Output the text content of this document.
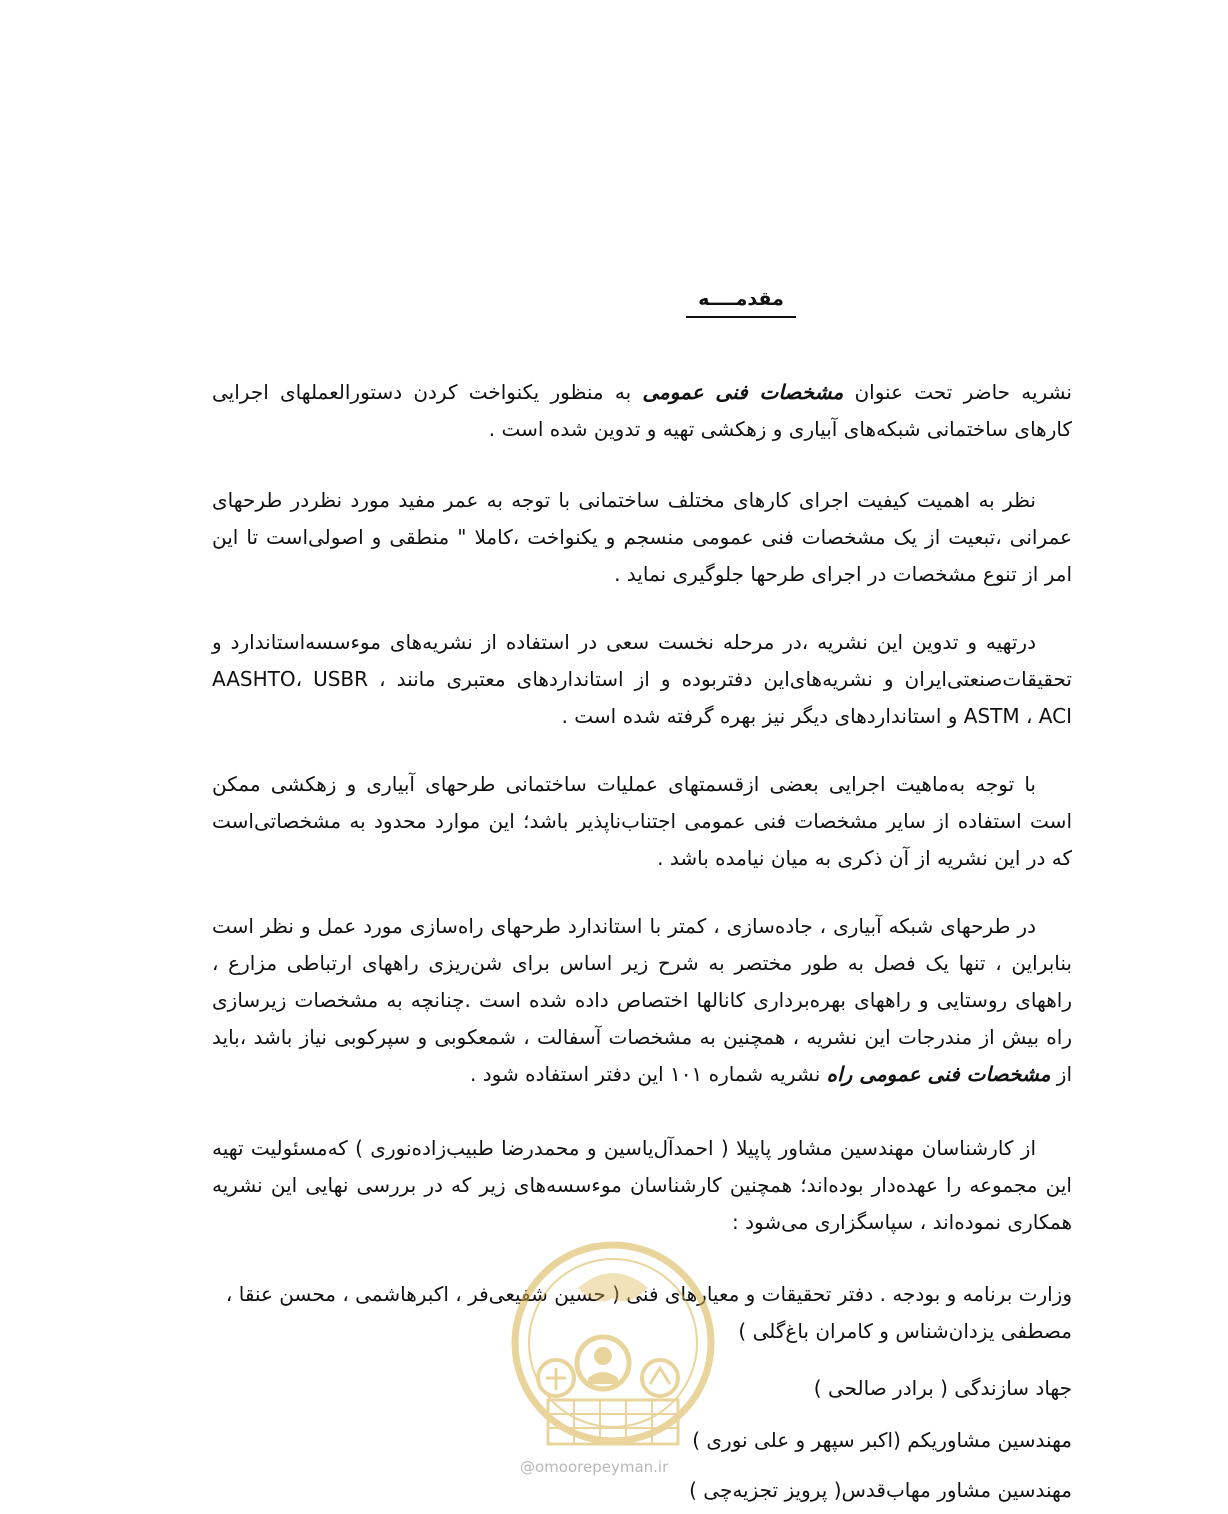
مقدمــــه
نشریه حاضر تحت عنوان مشخصات فنی عمومی به منظور یکنواخت کردن دستورالعملهای اجرایی کارهای ساختمانی شبکه‌های آبیاری و زهکشی تهیه و تدوین شده است .
نظر به اهمیت کیفیت اجرای کارهای مختلف ساختمانی با توجه به عمر مفید مورد نظردر طرحهای عمرانی ،تبعیت از یک مشخصات فنی عمومی منسجم و یکنواخت ،کاملا " منطقی و اصولی‌است تا این امر از تنوع مشخصات در اجرای طرحها جلوگیری نماید .
درتهیه و تدوین این نشریه ،در مرحله نخست سعی در استفاده از نشریه‌های موءسسه‌استاندارد و تحقیقات‌صنعتی‌ایران و نشریه‌های‌این دفتربوده و از استانداردهای معتبری مانند AASHTO، USBR ، ASTM ، ACI و استانداردهای دیگر نیز بهره گرفته شده است .
با توجه به‌ماهیت اجرایی بعضی ازقسمتهای عملیات ساختمانی طرحهای آبیاری و زهکشی ممکن است استفاده از سایر مشخصات فنی عمومی اجتناب‌ناپذیر باشد؛ این موارد محدود به مشخصاتی‌است که در این نشریه از آن ذکری به میان نیامده باشد .
در طرحهای شبکه آبیاری ، جاده‌سازی ، کمتر با استاندارد طرحهای راه‌سازی مورد عمل و نظر است بنابراین ، تنها یک فصل به طور مختصر به شرح زیر اساس برای شن‌ریزی راههای ارتباطی مزارع ، راههای روستایی و راههای بهره‌برداری کانالها اختصاص داده شده است .چنانچه به مشخصات زیرسازی راه بیش از مندرجات این نشریه ، همچنین به مشخصات آسفالت ، شمعکوبی و سپرکوبی نیاز باشد ،باید از مشخصات فنی عمومی راه نشریه شماره ۱۰۱ این دفتر استفاده شود .
از کارشناسان مهندسین مشاور پاپیلا ( احمدآل‌یاسین و محمدرضا طبیب‌زاده‌نوری ) که‌مسئولیت تهیه این مجموعه را عهده‌دار بوده‌اند؛ همچنین کارشناسان موءسسه‌های زیر که در بررسی نهایی این نشریه همکاری نموده‌اند ، سپاسگزاری می‌شود :
وزارت برنامه و بودجه . دفتر تحقیقات و معیارهای فنی ( حسین شفیعی‌فر ، اکبرهاشمی ، محسن عنقا ، مصطفی یزدان‌شناس و کامران باغ‌گلی )
جهاد سازندگی ( برادر صالحی )
مهندسین مشاوریکم (اکبر سپهر و علی نوری )
مهندسین مشاور مهاب‌قدس( پرویز تجزیه‌چی )
@omoorepeyman.ir
